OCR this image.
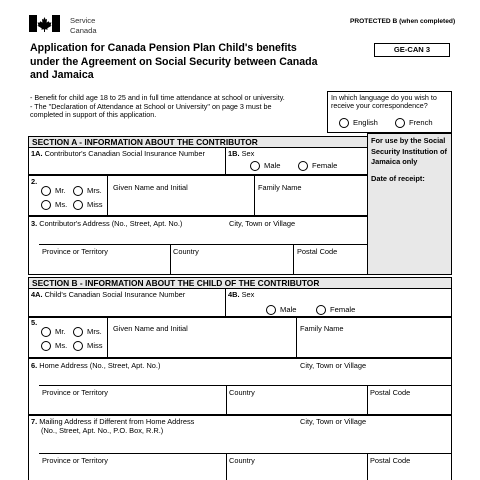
Service
Canada
PROTECTED B (when completed)
GE-CAN 3
Application for Canada Pension Plan Child's benefits under the Agreement on Social Security between Canada and Jamaica
- Benefit for child age 18 to 25 and in full time attendance at school or university.
- The "Declaration of Attendance at School or University" on page 3 must be completed in support of this application.
In which language do you wish to receive your correspondence?
English	French
SECTION A - INFORMATION ABOUT THE CONTRIBUTOR	For use by the Social Security Institution of Jamaica only
Date of receipt:
1A. Contributor's Canadian Social Insurance Number	1B. Sex
Male	Female
2.
Mr.	Mrs.
Ms.	Miss
Given Name and Initial	Family Name
3. Contributor's Address (No., Street, Apt. No.)	City, Town or Village
Province or Territory	Country	Postal Code
SECTION B - INFORMATION ABOUT THE CHILD OF THE CONTRIBUTOR
4A. Child's Canadian Social Insurance Number	4B. Sex
Male	Female
5.
Mr.	Mrs.
Ms.	Miss
Given Name and Initial	Family Name
6. Home Address (No., Street, Apt. No.)	City, Town or Village
Province or Territory	Country	Postal Code
7. Mailing Address if Different from Home Address
(No., Street, Apt. No., P.O. Box, R.R.)
City, Town or Village
Province or Territory	Country	Postal Code
